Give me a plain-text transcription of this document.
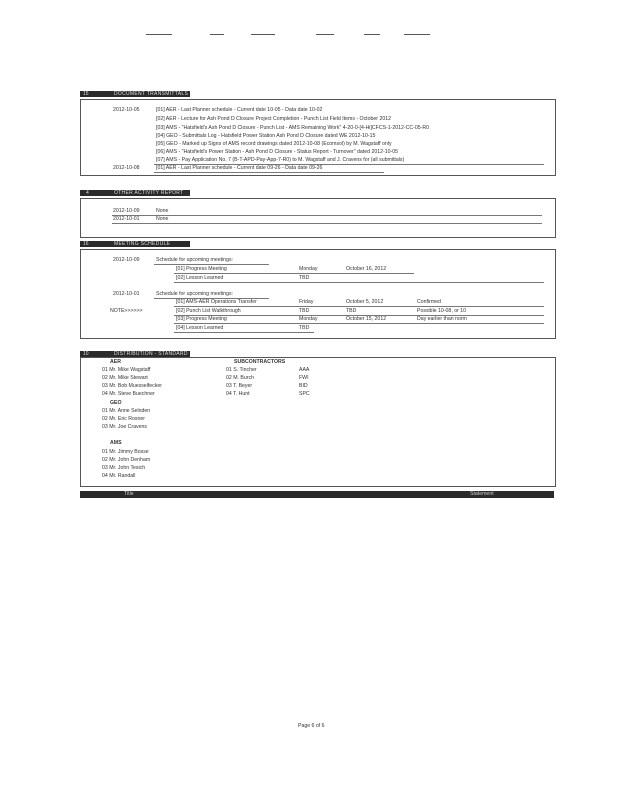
15	DOCUMENT TRANSMITTALS
2012-10-05	[01] AER - Last Planner schedule - Current date 10-05 - Data date 10-02
[02] AER - Lecture for Ash Pond D Closure Project Completion - Punch List Field Items - October 2012
[03] AMS - "Hatsfield's Ash Pond D Closure - Punch List - AMS Remaining Work" 4-20-0-[4-Hi]CFCS-1-2012-CC-05-R0
[04] GEO - Submittals Log - Hatsfield Power Station Ash Pond D Closure dated WE 2012-10-15
[05] GEO - Marked up Signs of AMS record drawings dated 2012-10-08 (Ecomsol) by M. Wagstaff only
[06] AMS - "Hatsfield's Power Station - Ash Pond D Closure - Status Report - Turnover" dated 2012-10-05
[07] AMS - Pay Application No. 7 (B-T-APD-Pay-App-7-R0) to M. Wagstaff and J. Cravens for (all submittals)
2012-10-08	[01] AER - Last Planner schedule - Current date 09-26 - Data date 09-26
4	OTHER ACTIVITY REPORT
2012-10-09	None
2012-10-01	None
16	MEETING SCHEDULE
2012-10-09	Schedule for upcoming meetings:
[01] Progress Meeting	Monday	October 16, 2012
[02] Lesson Learned	TBD
2012-10-01	Schedule for upcoming meetings:
[01] AMS-AER Operations Transfer	Friday	October 5, 2012	Confirmed
NOTE>>>>>>	[02] Punch List Walkthrough	TBD	TBD	Possible 10-08, or 10
[03] Progress Meeting	Monday	October 15, 2012	Day earlier than norm
[04] Lesson Learned	TBD
10	DISTRIBUTION - STANDARD
AER
01 Mr. Mike Wagstaff
02 Mr. Mike Stewart
03 Mr. Bob Muesselfecker
04 Mr. Steve Buechner
GEO
01 Mr. Anne Selnden
02 Mr. Eric Rosner
03 Mr. Joe Cravens
AMS
01 Mr. Jimmy Bosse
02 Mr. John Denham
03 Mr. John Tesich
04 Mr. Randall
SUBCONTRACTORS
01 S. Tincher	AAA
02 M. Burch	FWI
03 T. Beyer	BID
04 T. Hunt	SPC
Title	Statement
Page 6 of 6
